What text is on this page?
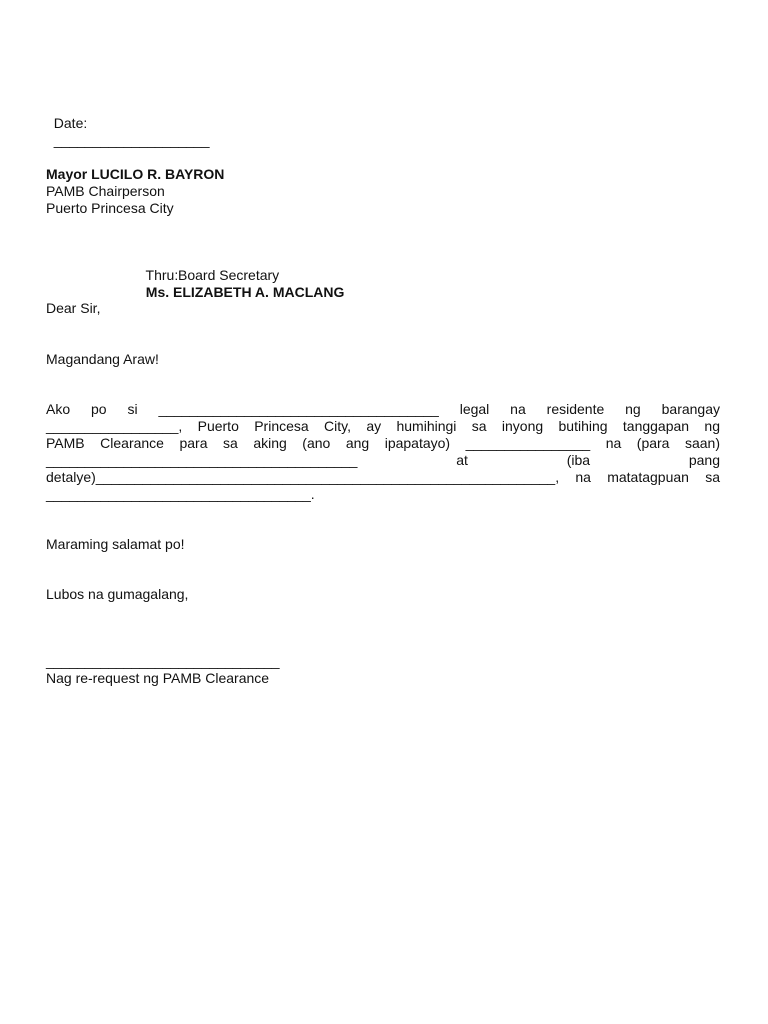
Date:
____________________

Mayor LUCILO R. BAYRON
PAMB Chairperson
Puerto Princesa City

Thru:
Ms. ELIZABETH A. MACLANG

Board Secretary
Dear Sir,
Magandang Araw!
Ako po si ____________________________________ legal na residente ng barangay
_________________, Puerto Princesa City, ay humihingi sa inyong butihing tanggapan ng
PAMB Clearance para sa aking (ano ang ipapatayo) ________________ na (para saan)
________________________________________ at (iba pang
detalye)___________________________________________________________, na matatagpuan sa
__________________________________.
Maraming salamat po!
Lubos na gumagalang,
______________________________
Nag re-request ng PAMB Clearance
